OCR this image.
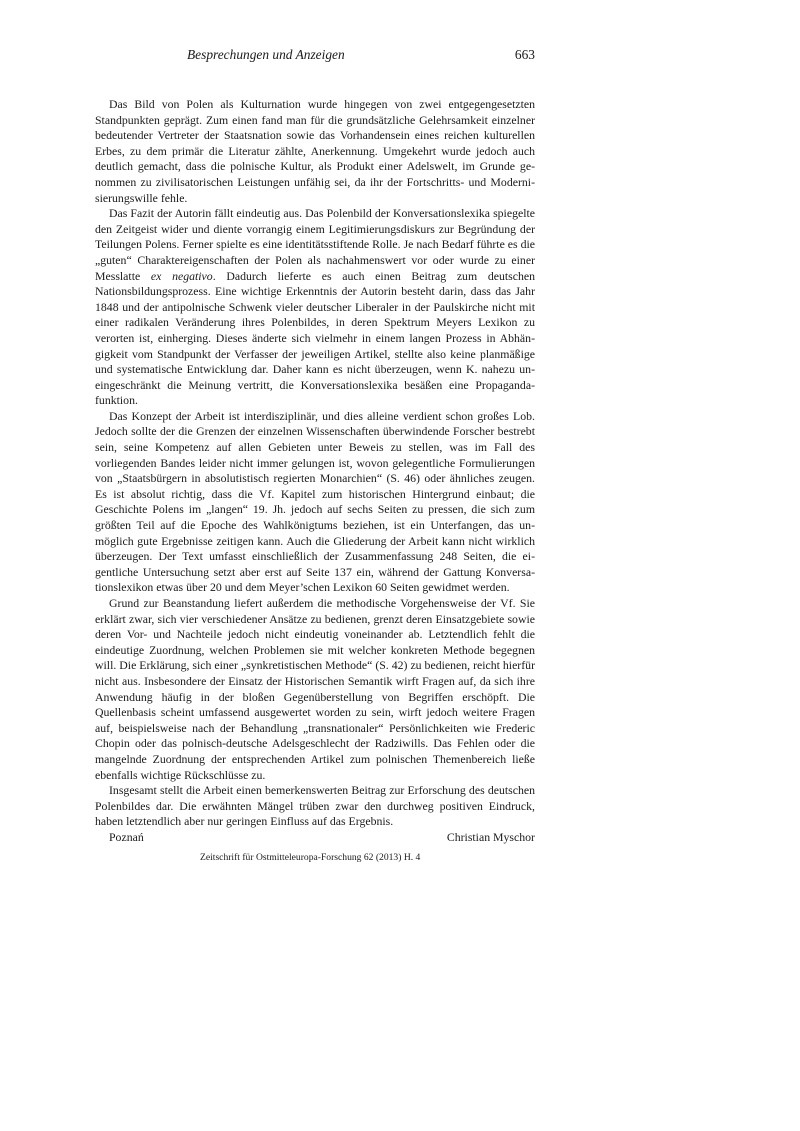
Besprechungen und Anzeigen	663

Das Bild von Polen als Kulturnation wurde hingegen von zwei entgegengesetzten Standpunkten geprägt. Zum einen fand man für die grundsätzliche Gelehrsamkeit einzelner bedeutender Vertreter der Staatsnation sowie das Vorhandensein eines reichen kulturellen Erbes, zu dem primär die Literatur zählte, Anerkennung. Umgekehrt wurde jedoch auch deutlich gemacht, dass die polnische Kultur, als Produkt einer Adelswelt, im Grunde genommen zu zivilisatorischen Leistungen unfähig sei, da ihr der Fortschritts- und Modernisierungswille fehle.

Das Fazit der Autorin fällt eindeutig aus. Das Polenbild der Konversationslexika spiegelte den Zeitgeist wider und diente vorrangig einem Legitimierungsdiskurs zur Begründung der Teilungen Polens. Ferner spielte es eine identitätsstiftende Rolle. Je nach Bedarf führte es die „guten“ Charaktereigenschaften der Polen als nachahmenswert vor oder wurde zu einer Messlatte ex negativo. Dadurch lieferte es auch einen Beitrag zum deutschen Nationsbildungsprozess. Eine wichtige Erkenntnis der Autorin besteht darin, dass das Jahr 1848 und der antipolnische Schwenk vieler deutscher Liberaler in der Paulskirche nicht mit einer radikalen Veränderung ihres Polenbildes, in deren Spektrum Meyers Lexikon zu verorten ist, einherging. Dieses änderte sich vielmehr in einem langen Prozess in Abhängigkeit vom Standpunkt der Verfasser der jeweiligen Artikel, stellte also keine planmäßige und systematische Entwicklung dar. Daher kann es nicht überzeugen, wenn K. nahezu uneingeschränkt die Meinung vertritt, die Konversationslexika besäßen eine Propagandafunktion.

Das Konzept der Arbeit ist interdisziplinär, und dies alleine verdient schon großes Lob. Jedoch sollte der die Grenzen der einzelnen Wissenschaften überwindende Forscher bestrebt sein, seine Kompetenz auf allen Gebieten unter Beweis zu stellen, was im Fall des vorliegenden Bandes leider nicht immer gelungen ist, wovon gelegentliche Formulierungen von „Staatsbürgern in absolutistisch regierten Monarchien“ (S. 46) oder ähnliches zeugen. Es ist absolut richtig, dass die Vf. Kapitel zum historischen Hintergrund einbaut; die Geschichte Polens im „langen“ 19. Jh. jedoch auf sechs Seiten zu pressen, die sich zum größten Teil auf die Epoche des Wahlkönigtums beziehen, ist ein Unterfangen, das unmöglich gute Ergebnisse zeitigen kann. Auch die Gliederung der Arbeit kann nicht wirklich überzeugen. Der Text umfasst einschließlich der Zusammenfassung 248 Seiten, die eigentliche Untersuchung setzt aber erst auf Seite 137 ein, während der Gattung Konversationslexikon etwas über 20 und dem Meyer’schen Lexikon 60 Seiten gewidmet werden.

Grund zur Beanstandung liefert außerdem die methodische Vorgehensweise der Vf. Sie erklärt zwar, sich vier verschiedener Ansätze zu bedienen, grenzt deren Einsatzgebiete sowie deren Vor- und Nachteile jedoch nicht eindeutig voneinander ab. Letztendlich fehlt die eindeutige Zuordnung, welchen Problemen sie mit welcher konkreten Methode begegnen will. Die Erklärung, sich einer „synkretistischen Methode“ (S. 42) zu bedienen, reicht hierfür nicht aus. Insbesondere der Einsatz der Historischen Semantik wirft Fragen auf, da sich ihre Anwendung häufig in der bloßen Gegenüberstellung von Begriffen erschöpft. Die Quellenbasis scheint umfassend ausgewertet worden zu sein, wirft jedoch weitere Fragen auf, beispielsweise nach der Behandlung „transnationaler“ Persönlichkeiten wie Frederic Chopin oder das polnisch-deutsche Adelsgeschlecht der Radziwills. Das Fehlen oder die mangelnde Zuordnung der entsprechenden Artikel zum polnischen Themenbereich ließe ebenfalls wichtige Rückschlüsse zu.

Insgesamt stellt die Arbeit einen bemerkenswerten Beitrag zur Erforschung des deutschen Polenbildes dar. Die erwähnten Mängel trüben zwar den durchweg positiven Eindruck, haben letztendlich aber nur geringen Einfluss auf das Ergebnis.

Poznań	Christian Myschor
Zeitschrift für Ostmitteleuropa-Forschung 62 (2013) H. 4
